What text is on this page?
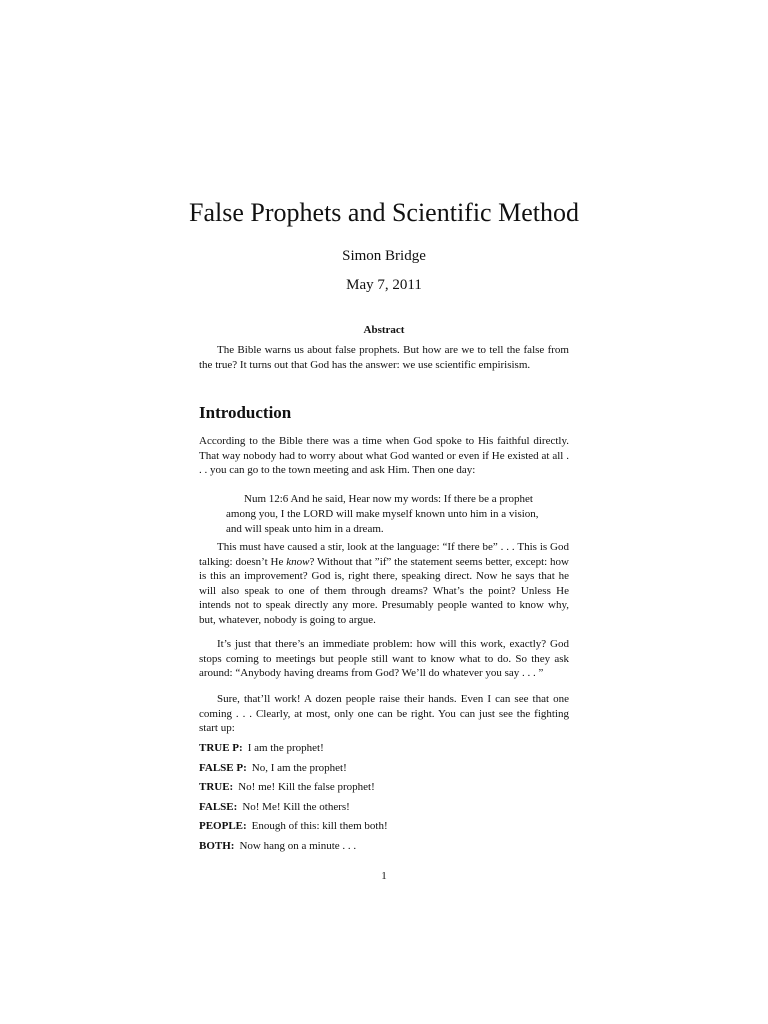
False Prophets and Scientific Method
Simon Bridge
May 7, 2011
Abstract
The Bible warns us about false prophets. But how are we to tell the false from the true? It turns out that God has the answer: we use scientific empirisism.
Introduction
According to the Bible there was a time when God spoke to His faithful directly. That way nobody had to worry about what God wanted or even if He existed at all . . . you can go to the town meeting and ask Him. Then one day:
Num 12:6 And he said, Hear now my words: If there be a prophet among you, I the LORD will make myself known unto him in a vision, and will speak unto him in a dream.
This must have caused a stir, look at the language: “If there be” . . . This is God talking: doesn’t He know? Without that ”if” the statement seems better, except: how is this an improvement? God is, right there, speaking direct. Now he says that he will also speak to one of them through dreams? What’s the point? Unless He intends not to speak directly any more. Presumably people wanted to know why, but, whatever, nobody is going to argue.
It’s just that there’s an immediate problem: how will this work, exactly? God stops coming to meetings but people still want to know what to do. So they ask around: “Anybody having dreams from God? We’ll do whatever you say . . . ”
Sure, that’ll work! A dozen people raise their hands. Even I can see that one coming . . . Clearly, at most, only one can be right. You can just see the fighting start up:
TRUE P: I am the prophet!
FALSE P: No, I am the prophet!
TRUE: No! me! Kill the false prophet!
FALSE: No! Me! Kill the others!
PEOPLE: Enough of this: kill them both!
BOTH: Now hang on a minute . . .
1
